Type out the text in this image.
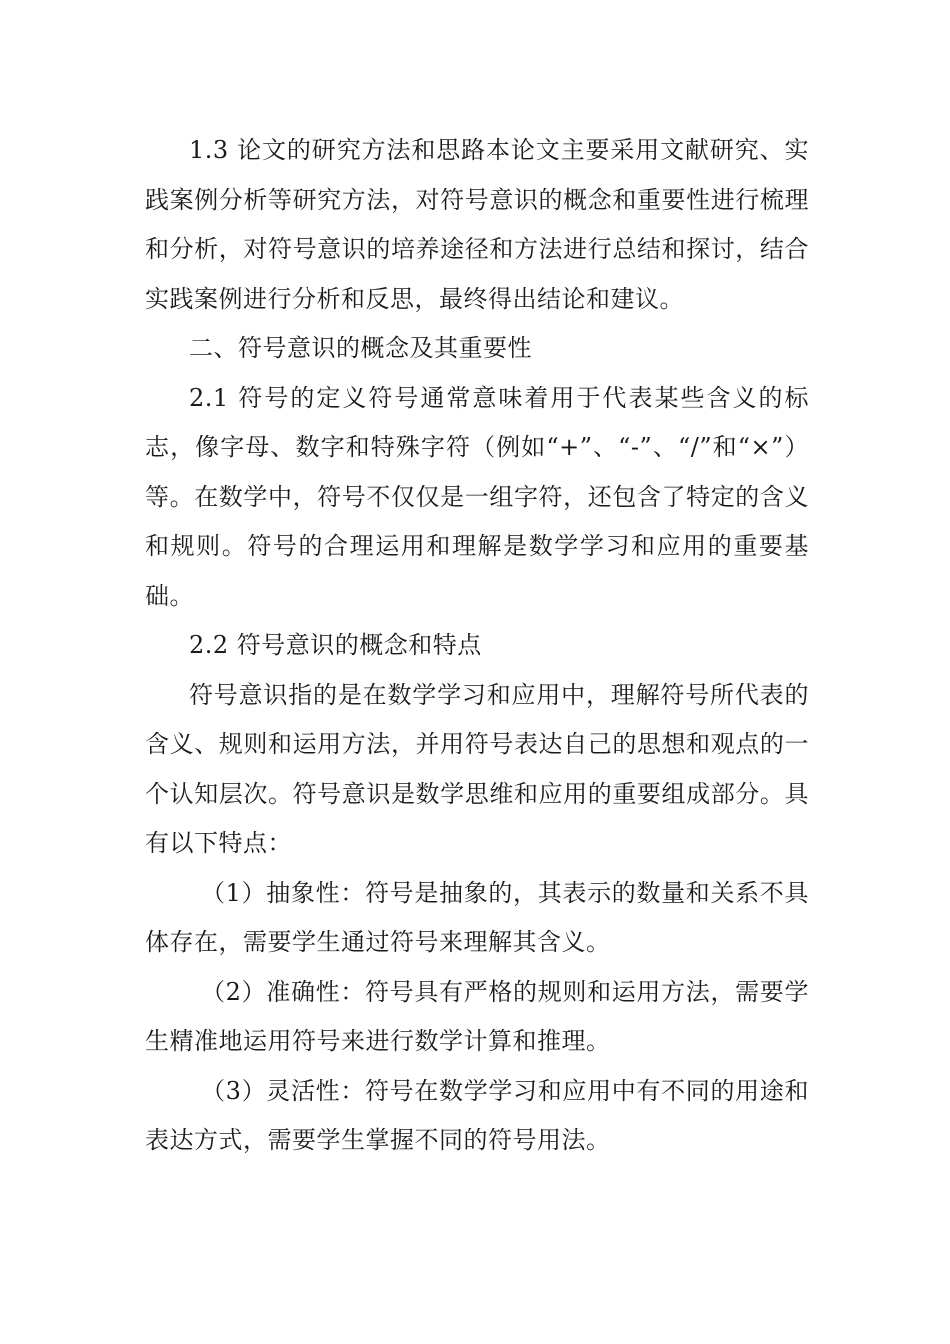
1.3 论文的研究方法和思路本论文主要采用文献研究、实践案例分析等研究方法，对符号意识的概念和重要性进行梳理和分析，对符号意识的培养途径和方法进行总结和探讨，结合实践案例进行分析和反思，最终得出结论和建议。

二、符号意识的概念及其重要性

2.1 符号的定义符号通常意味着用于代表某些含义的标志，像字母、数字和特殊字符（例如“+”、“-”、“/”和“×”）等。在数学中，符号不仅仅是一组字符，还包含了特定的含义和规则。符号的合理运用和理解是数学学习和应用的重要基础。

2.2 符号意识的概念和特点

符号意识指的是在数学学习和应用中，理解符号所代表的含义、规则和运用方法，并用符号表达自己的思想和观点的一个认知层次。符号意识是数学思维和应用的重要组成部分。具有以下特点：

（1）抽象性：符号是抽象的，其表示的数量和关系不具体存在，需要学生通过符号来理解其含义。

（2）准确性：符号具有严格的规则和运用方法，需要学生精准地运用符号来进行数学计算和推理。

（3）灵活性：符号在数学学习和应用中有不同的用途和表达方式，需要学生掌握不同的符号用法。
